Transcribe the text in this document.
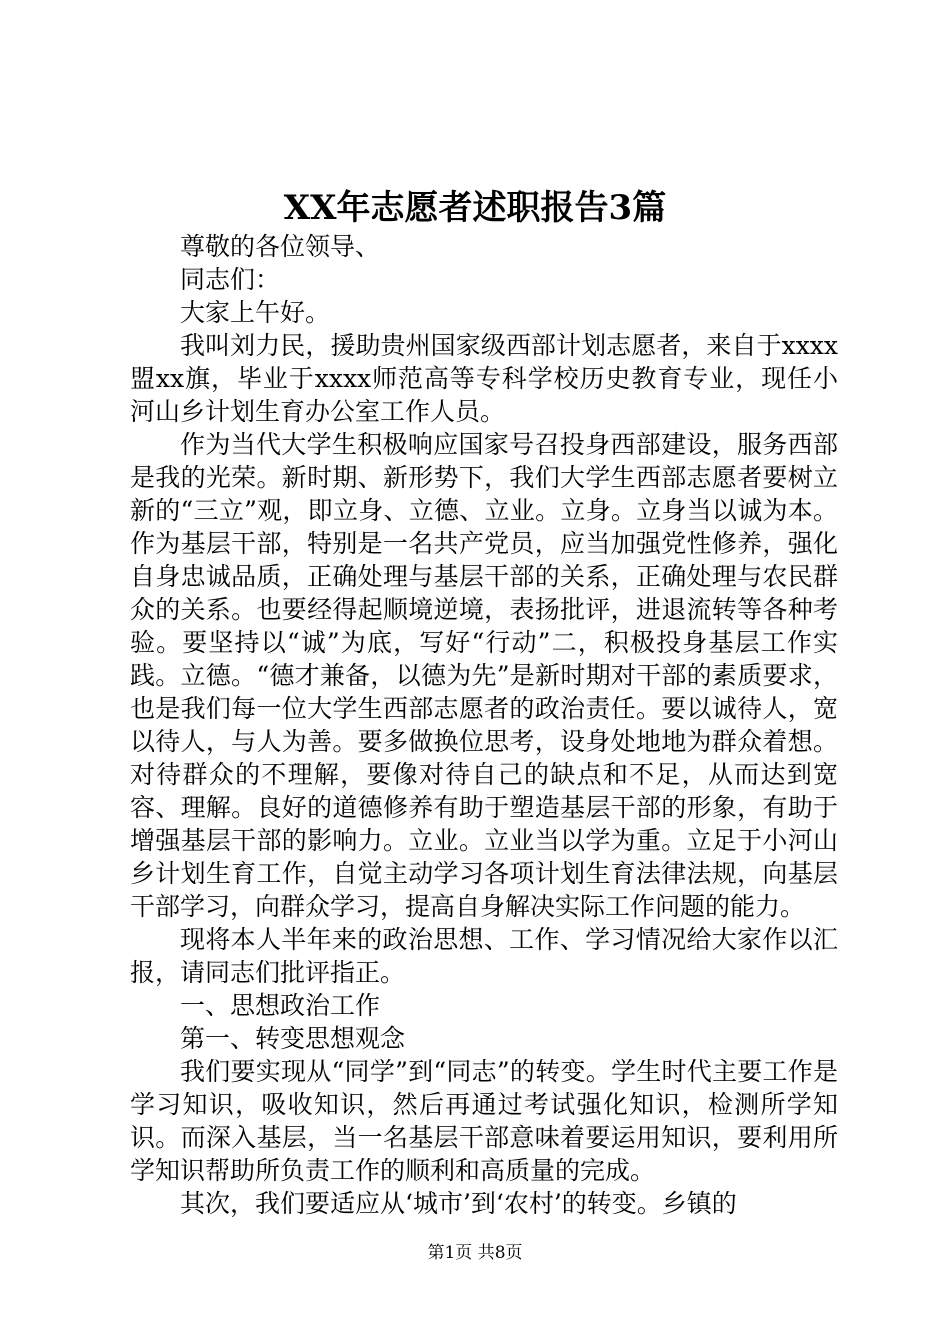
XX年志愿者述职报告3篇

尊敬的各位领导、

同志们：

大家上午好。

我叫刘力民，援助贵州国家级西部计划志愿者，来自于xxxx盟xx旗，毕业于xxxx师范高等专科学校历史教育专业，现任小河山乡计划生育办公室工作人员。

作为当代大学生积极响应国家号召投身西部建设，服务西部是我的光荣。新时期、新形势下，我们大学生西部志愿者要树立新的“三立”观，即立身、立德、立业。立身。立身当以诚为本。作为基层干部，特别是一名共产党员，应当加强党性修养，强化自身忠诚品质，正确处理与基层干部的关系，正确处理与农民群众的关系。也要经得起顺境逆境，表扬批评，进退流转等各种考验。要坚持以“诚”为底，写好“行动”二，积极投身基层工作实践。立德。“德才兼备，以德为先”是新时期对干部的素质要求，也是我们每一位大学生西部志愿者的政治责任。要以诚待人，宽以待人，与人为善。要多做换位思考，设身处地地为群众着想。对待群众的不理解，要像对待自己的缺点和不足，从而达到宽容、理解。良好的道德修养有助于塑造基层干部的形象，有助于增强基层干部的影响力。立业。立业当以学为重。立足于小河山乡计划生育工作，自觉主动学习各项计划生育法律法规，向基层干部学习，向群众学习，提高自身解决实际工作问题的能力。

现将本人半年来的政治思想、工作、学习情况给大家作以汇报，请同志们批评指正。

一、思想政治工作

第一、转变思想观念

我们要实现从“同学”到“同志”的转变。学生时代主要工作是学习知识，吸收知识，然后再通过考试强化知识，检测所学知识。而深入基层，当一名基层干部意味着要运用知识，要利用所学知识帮助所负责工作的顺利和高质量的完成。

其次，我们要适应从‘城市’到‘农村’的转变。乡镇的

第1页 共8页
